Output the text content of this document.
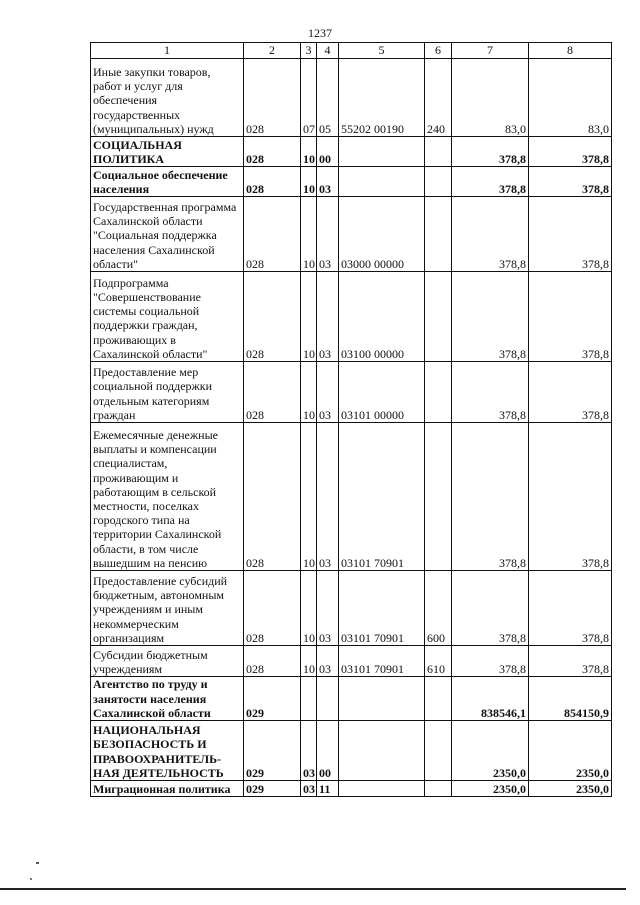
1237
1	2	3	4	5	6	7	8
Иные закупки товаров, работ и услуг для обеспечения государственных (муниципальных) нужд	028	07	05	55202 00190	240	83,0	83,0
СОЦИАЛЬНАЯ ПОЛИТИКА	028	10	00			378,8	378,8
Социальное обеспечение населения	028	10	03			378,8	378,8
Государственная программа Сахалинской области "Социальная поддержка населения Сахалинской области"	028	10	03	03000 00000		378,8	378,8
Подпрограмма "Совершенствование системы социальной поддержки граждан, проживающих в Сахалинской области"	028	10	03	03100 00000		378,8	378,8
Предоставление мер социальной поддержки отдельным категориям граждан	028	10	03	03101 00000		378,8	378,8
Ежемесячные денежные выплаты и компенсации специалистам, проживающим и работающим в сельской местности, поселках городского типа на территории Сахалинской области, в том числе вышедшим на пенсию	028	10	03	03101 70901		378,8	378,8
Предоставление субсидий бюджетным, автономным учреждениям и иным некоммерческим организациям	028	10	03	03101 70901	600	378,8	378,8
Субсидии бюджетным учреждениям	028	10	03	03101 70901	610	378,8	378,8
Агентство по труду и занятости населения Сахалинской области	029					838546,1	854150,9
НАЦИОНАЛЬНАЯ БЕЗОПАСНОСТЬ И ПРАВООХРАНИТЕЛЬ-НАЯ ДЕЯТЕЛЬНОСТЬ	029	03	00			2350,0	2350,0
Миграционная политика	029	03	11			2350,0	2350,0
